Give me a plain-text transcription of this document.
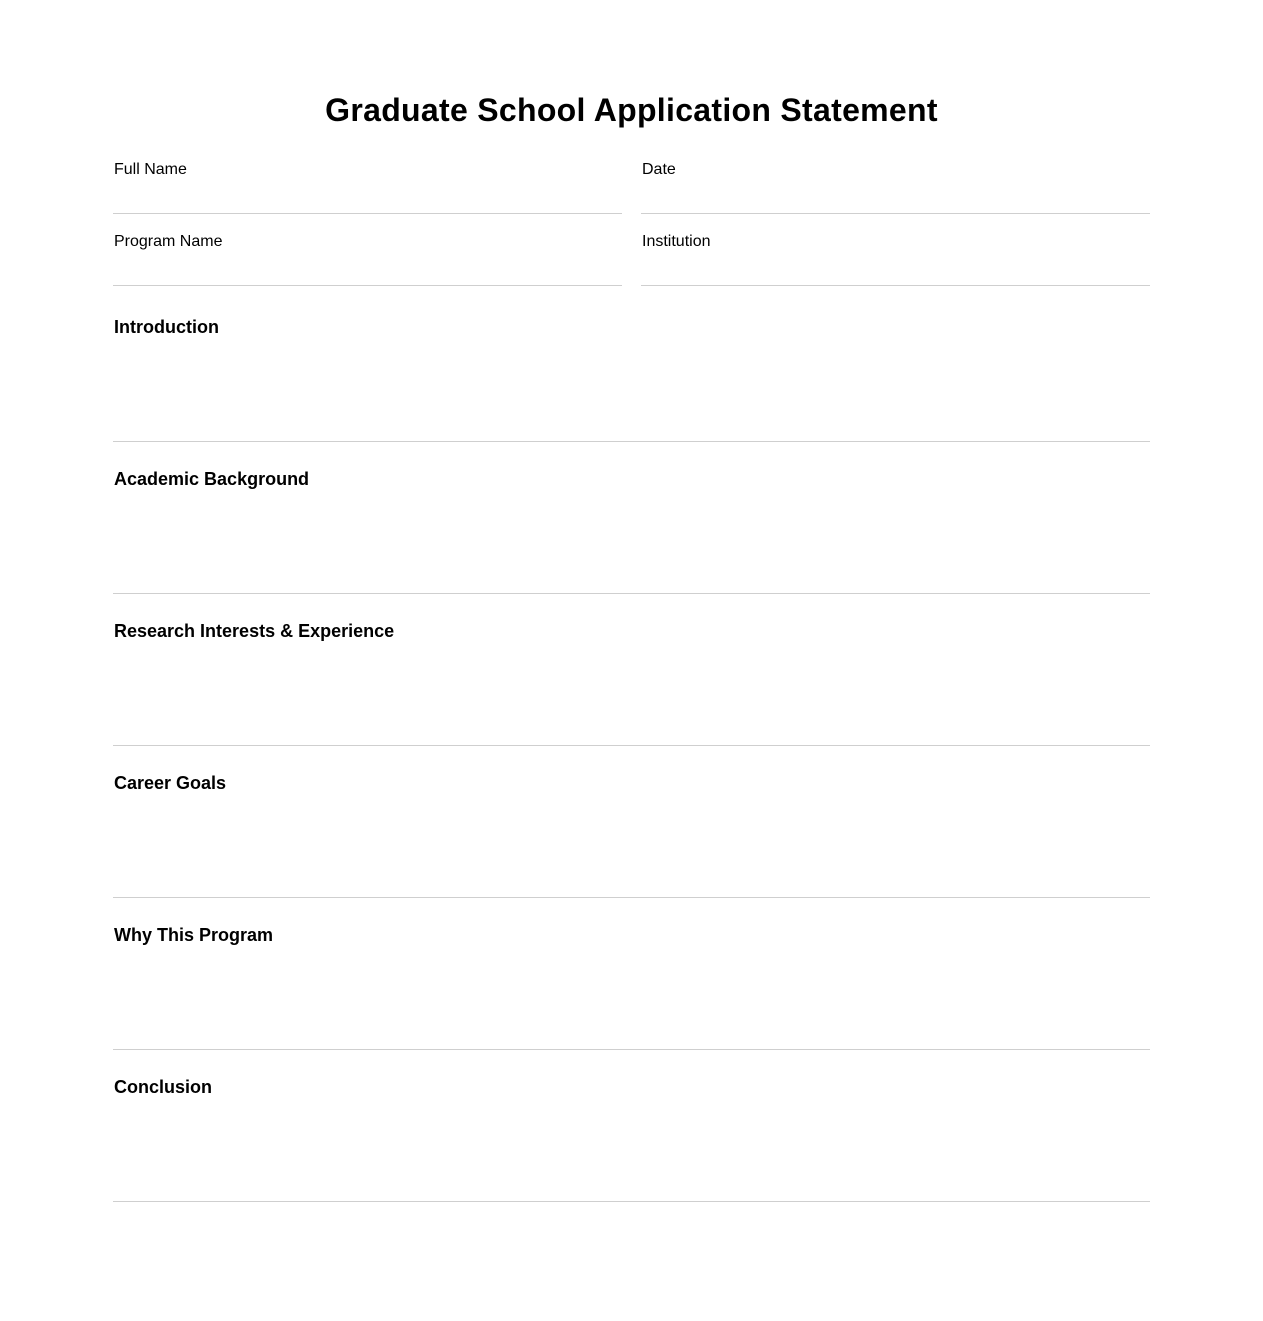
Graduate School Application Statement
Full Name	Date
Program Name	Institution
Introduction
Academic Background
Research Interests & Experience
Career Goals
Why This Program
Conclusion
